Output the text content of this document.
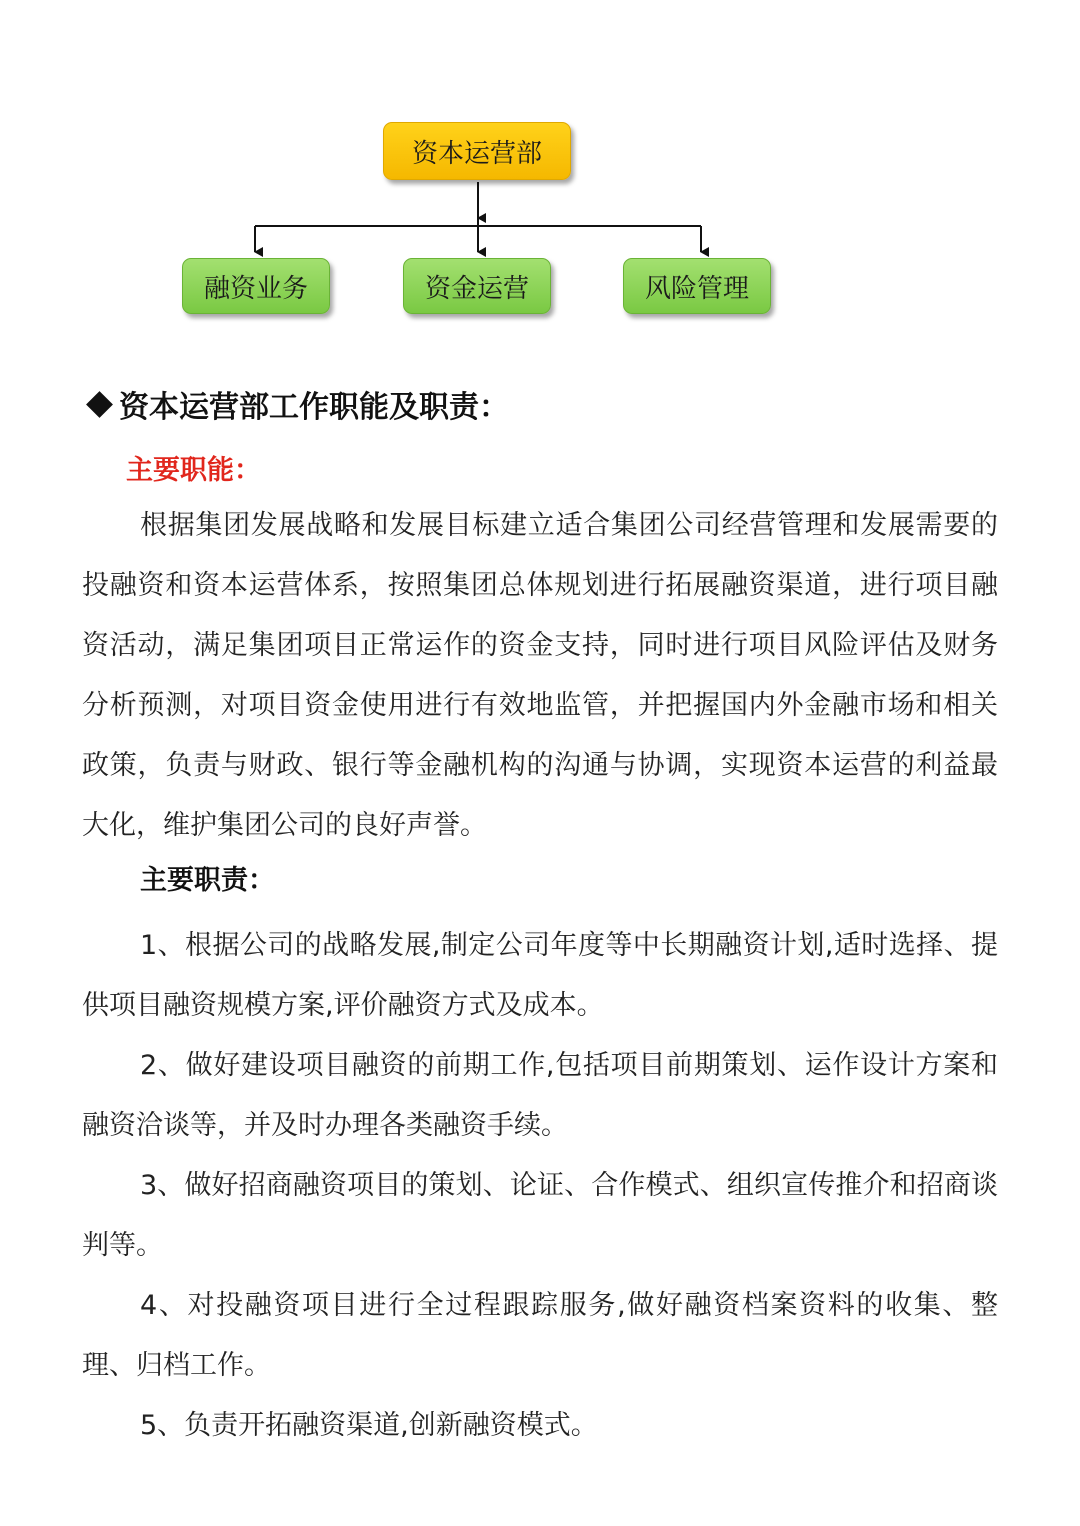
资本运营部
融资业务	资金运营	风险管理
资本运营部工作职能及职责：
主要职能：

根据集团发展战略和发展目标建立适合集团公司经营管理和发展需要的投融资和资本运营体系，按照集团总体规划进行拓展融资渠道，进行项目融资活动，满足集团项目正常运作的资金支持，同时进行项目风险评估及财务分析预测，对项目资金使用进行有效地监管，并把握国内外金融市场和相关政策，负责与财政、银行等金融机构的沟通与协调，实现资本运营的利益最大化，维护集团公司的良好声誉。

主要职责：
1、根据公司的战略发展,制定公司年度等中长期融资计划,适时选择、提供项目融资规模方案,评价融资方式及成本。
2、做好建设项目融资的前期工作,包括项目前期策划、运作设计方案和融资洽谈等，并及时办理各类融资手续。
3、做好招商融资项目的策划、论证、合作模式、组织宣传推介和招商谈判等。
4、对投融资项目进行全过程跟踪服务,做好融资档案资料的收集、整理、归档工作。
5、负责开拓融资渠道,创新融资模式。
